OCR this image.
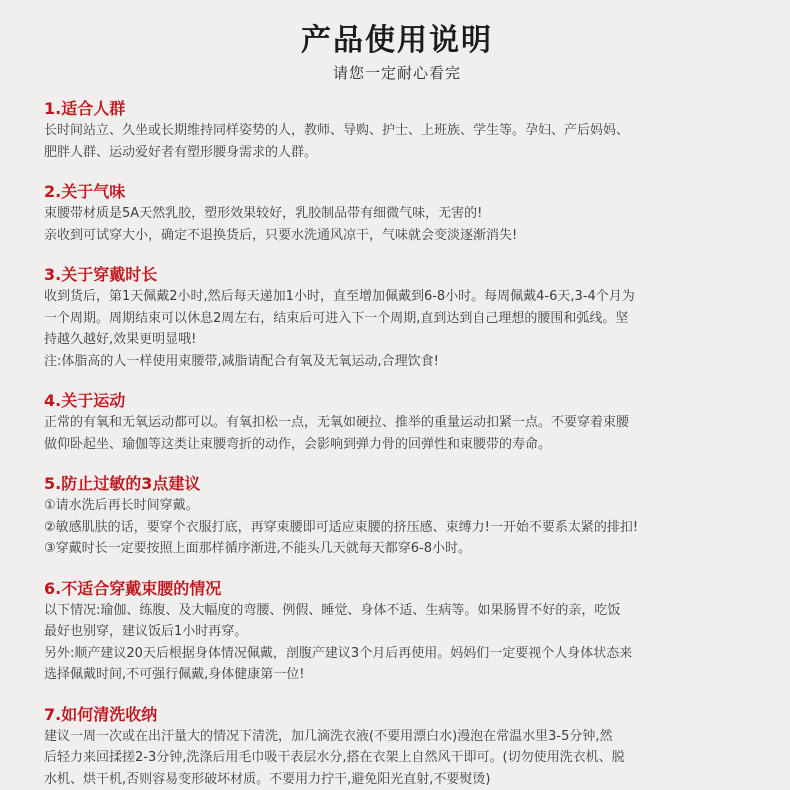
产品使用说明
请您一定耐心看完
1.适合人群

长时间站立、久坐或长期维持同样姿势的人，教师、导购、护士、上班族、学生等。孕妇、产后妈妈、
肥胖人群、运动爱好者有塑形腰身需求的人群。

2.关于气味

束腰带材质是5A天然乳胶，塑形效果较好，乳胶制品带有细微气味，无害的!
亲收到可试穿大小，确定不退换货后，只要水洗通风凉干，气味就会变淡逐渐消失!

3.关于穿戴时长

收到货后，第1天佩戴2小时,然后每天递加1小时，直至增加佩戴到6-8小时。每周佩戴4-6天,3-4个月为
一个周期。周期结束可以休息2周左右，结束后可进入下一个周期,直到达到自己理想的腰围和弧线。坚
持越久越好,效果更明显哦!
注:体脂高的人一样使用束腰带,减脂请配合有氧及无氧运动,合理饮食!

4.关于运动

正常的有氧和无氧运动都可以。有氧扣松一点，无氧如硬拉、推举的重量运动扣紧一点。不要穿着束腰
做仰卧起坐、瑜伽等这类让束腰弯折的动作，会影响到弹力骨的回弹性和束腰带的寿命。

5.防止过敏的3点建议

①请水洗后再长时间穿戴。
②敏感肌肤的话，要穿个衣服打底，再穿束腰即可适应束腰的挤压感、束缚力!一开始不要系太紧的排扣!
③穿戴时长一定要按照上面那样循序渐进,不能头几天就每天都穿6-8小时。

6.不适合穿戴束腰的情况

以下情况:瑜伽、练腹、及大幅度的弯腰、例假、睡觉、身体不适、生病等。如果肠胃不好的亲，吃饭
最好也别穿，建议饭后1小时再穿。
另外:顺产建议20天后根据身体情况佩戴，剖腹产建议3个月后再使用。妈妈们一定要视个人身体状态来
选择佩戴时间,不可强行佩戴,身体健康第一位!

7.如何清洗收纳

建议一周一次或在出汗量大的情况下清洗，加几滴洗衣液(不要用漂白水)漫泡在常温水里3-5分钟,然
后轻力来回揉搓2-3分钟,洗涤后用毛巾吸干表层水分,搭在衣架上自然风干即可。(切勿使用洗衣机、脱
水机、烘干机,否则容易变形破坏材质。不要用力拧干,避免阳光直射,不要熨烫)
